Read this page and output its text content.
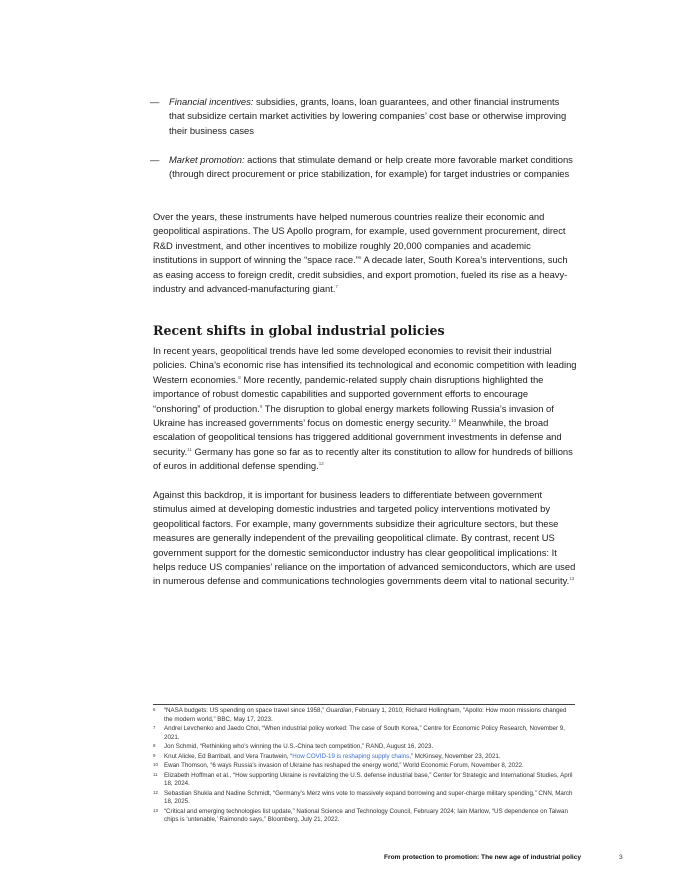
— Financial incentives: subsidies, grants, loans, loan guarantees, and other financial instruments that subsidize certain market activities by lowering companies’ cost base or otherwise improving their business cases
— Market promotion: actions that stimulate demand or help create more favorable market conditions (through direct procurement or price stabilization, for example) for target industries or companies

Over the years, these instruments have helped numerous countries realize their economic and geopolitical aspirations. The US Apollo program, for example, used government procurement, direct R&D investment, and other incentives to mobilize roughly 20,000 companies and academic institutions in support of winning the “space race.”$^6$ A decade later, South Korea’s interventions, such as easing access to foreign credit, credit subsidies, and export promotion, fueled its rise as a heavy-industry and advanced-manufacturing giant.$^7$

Recent shifts in global industrial policies

In recent years, geopolitical trends have led some developed economies to revisit their industrial policies. China’s economic rise has intensified its technological and economic competition with leading Western economies.$^8$ More recently, pandemic-related supply chain disruptions highlighted the importance of robust domestic capabilities and supported government efforts to encourage “onshoring” of production.$^9$ The disruption to global energy markets following Russia’s invasion of Ukraine has increased governments’ focus on domestic energy security.$^{10}$ Meanwhile, the broad escalation of geopolitical tensions has triggered additional government investments in defense and security.$^{11}$ Germany has gone so far as to recently alter its constitution to allow for hundreds of billions of euros in additional defense spending.$^{12}$

Against this backdrop, it is important for business leaders to differentiate between government stimulus aimed at developing domestic industries and targeted policy interventions motivated by geopolitical factors. For example, many governments subsidize their agriculture sectors, but these measures are generally independent of the prevailing geopolitical climate. By contrast, recent US government support for the domestic semiconductor industry has clear geopolitical implications: It helps reduce US companies’ reliance on the importation of advanced semiconductors, which are used in numerous defense and communications technologies governments deem vital to national security.$^{13}$

6 “NASA budgets: US spending on space travel since 1958,” Guardian, February 1, 2010; Richard Hollingham, “Apollo: How moon missions changed the modern world,” BBC, May 17, 2023.
7 Andrei Levchenko and Jaedo Choi, “When industrial policy worked: The case of South Korea,” Centre for Economic Policy Research, November 9, 2021.
8 Jon Schmid, “Rethinking who’s winning the U.S.-China tech competition,” RAND, August 16, 2023.
9 Knut Alicke, Ed Barriball, and Vera Trautwein, “How COVID-19 is reshaping supply chains,” McKinsey, November 23, 2021.
10 Ewan Thomson, “6 ways Russia’s invasion of Ukraine has reshaped the energy world,” World Economic Forum, November 8, 2022.
11 Elizabeth Hoffman et al., “How supporting Ukraine is revitalizing the U.S. defense industrial base,” Center for Strategic and International Studies, April 18, 2024.
12 Sebastian Shukla and Nadine Schmidt, “Germany’s Merz wins vote to massively expand borrowing and super-charge military spending,” CNN, March 18, 2025.
13 “Critical and emerging technologies list update,” National Science and Technology Council, February 2024; Iain Marlow, “US dependence on Taiwan chips is ‘untenable,’ Raimondo says,” Bloomberg, July 21, 2022.
From protection to promotion: The new age of industrial policy	3
